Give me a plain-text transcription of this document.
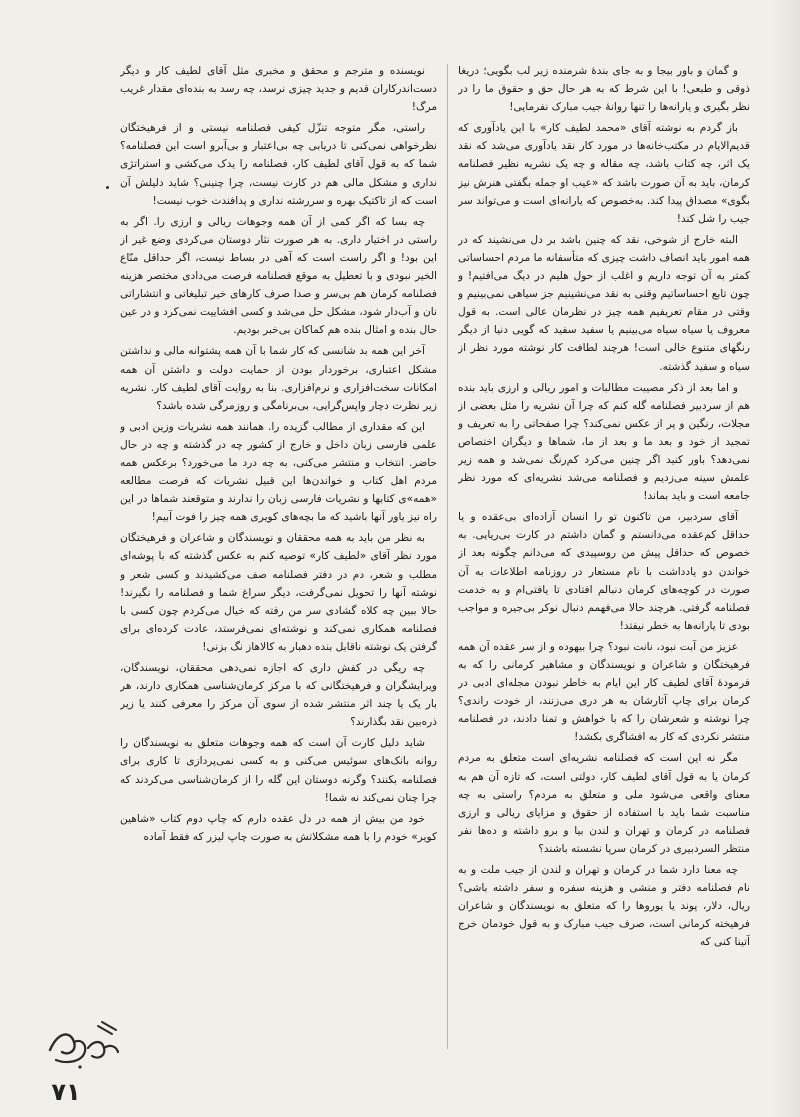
و گمان و باور بیجا و به جای بندهٔ شرمنده زیر لب بگویی؛ دریغا ذوقی و طبعی! با این شرط که به هر حال حق و حقوق ما را در نظر بگیری و یارانه‌ها را تنها روانهٔ جیب مبارک نفرمایی!

باز گردم به نوشته آقای «محمد لطیف کار» با این یادآوری که قدیم‌الایام در مکتب‌خانه‌ها در مورد کار نقد یادآوری می‌شد که نقد یک اثر، چه کتاب باشد، چه مقاله و چه یک نشریه نظیر فصلنامه کرمان، باید به آن صورت باشد که «عیب او جمله بگفتی هنرش نیز بگوی» مصداق پیدا کند. به‌خصوص که یارانه‌ای است و می‌تواند سر جیب را شل کند!

البته خارج از شوخی، نقد که چنین باشد بر دل می‌نشیند که در همه امور باید انصاف داشت چیزی که متأسفانه ما مردم احساساتی کمتر به آن توجه داریم و اغلب از حول هلیم در دیگ می‌افتیم! و چون تابع احساساتیم وقتی به نقد می‌نشینیم جز سیاهی نمی‌بینیم و وقتی در مقام تعریفیم همه چیز در نظرمان عالی است. به قول معروف یا سیاه سیاه می‌بینیم یا سفید سفید که گویی دنیا از دیگر رنگهای متنوع خالی است! هرچند لطافت کار نوشته مورد نظر از سیاه و سفید گذشته.

و اما بعد از ذکر مصیبت مطالبات و امور ریالی و ارزی باید بنده هم از سردبیر فصلنامه گله کنم که چرا آن نشریه را مثل بعضی از مجلات، رنگین و پر از عکس نمی‌کند؟ چرا صفحاتی را به تعریف و تمجید از خود و بعد ما و بعد از ما، شماها و دیگران اختصاص نمی‌دهد؟ باور کنید اگر چنین می‌کرد کم‌رنگ نمی‌شد و همه زیر علمش سینه می‌زدیم و فصلنامه می‌شد نشریه‌ای که مورد نظر جامعه است و باید بماند!

آقای سردبیر، من تاکنون تو را انسان آزاده‌ای بی‌عقده و یا حداقل کم‌عقده می‌دانستم و گمان داشتم در کارت بی‌ریایی. به خصوص که حداقل پیش من روسپیدی که می‌دانم چگونه بعد از خواندن دو یادداشت با نام مستعار در روزنامه اطلاعات به آن صورت در کوچه‌های کرمان دنبالم افتادی تا یافتی‌ام و به خدمت فصلنامه گرفتی. هرچند حالا می‌فهمم دنبال نوکر بی‌جیره و مواجب بودی تا یارانه‌ها به خطر نیفتد!

عزیز من آبت نبود، نانت نبود؟ چرا بیهوده و از سر عقده آن همه فرهیختگان و شاعران و نویسندگان و مشاهیر کرمانی را که به فرمودهٔ آقای لطیف کار این ایام به خاطر نبودن مجله‌ای ادبی در کرمان برای چاپ آثارشان به هر دری می‌زنند، از خودت راندی؟ چرا نوشته و شعرشان را که با خواهش و تمنا دادند، در فصلنامه منتشر نکردی که کار به افشاگری بکشد!

مگر نه این است که فصلنامه نشریه‌ای است متعلق به مردم کرمان یا به قول آقای لطیف کار، دولتی است، که تازه آن هم به معنای واقعی می‌شود ملی و متعلق به مردم؟ راستی به چه مناسبت شما باید با استفاده از حقوق و مزایای ریالی و ارزی فصلنامه در کرمان و تهران و لندن بیا و برو داشته و ده‌ها نفر منتظر السردبیری در کرمان سرپا نشسته باشند؟

چه معنا دارد شما در کرمان و تهران و لندن از جیب ملت و به نام فصلنامه دفتر و منشی و هزینه سفره و سفر داشته باشی؟ ریال، دلار، پوند یا یورو‌ها را که متعلق به نویسندگان و شاعران فرهیخته کرمانی است، صرف جیب مبارک و به قول خودمان خرج آتینا کنی که

نویسنده و مترجم و محقق و مخبری مثل آقای لطیف کار و دیگر دست‌اندرکاران قدیم و جدید چیزی نرسد، چه رسد به بنده‌ای مقدار غریب مرگ!

راستی، مگر متوجه تنزّل کیفی فصلنامه نیستی و از فرهیختگان نظرخواهی نمی‌کنی تا دریابی چه بی‌اعتبار و بی‌آبرو است این فصلنامه؟ شما که به قول آقای لطیف کار، فصلنامه را یدک می‌کشی و استراتژی نداری و مشکل مالی هم در کارت نیست، چرا چنینی؟ شاید دلیلش آن است که از تاکتیک بهره و سررشته نداری و پدافندت خوب نیست!

چه بسا که اگر کمی از آن همه وجوهات ریالی و ارزی را. اگر به راستی در اختیار داری. به هر صورت نثار دوستان می‌کردی وضع غیر از این بود! و اگر راست است که آهی در بساط نیست، اگر حداقل منّاع الخیر نبودی و با تعطیل به موقع فصلنامه فرصت می‌دادی مختصر هزینه فصلنامه کرمان هم بی‌سر و صدا صرف کارهای خیر تبلیغاتی و انتشاراتی نان و آب‌دار شود، مشکل حل می‌شد و کسی افشاییت نمی‌کرد و در عین حال بنده و امثال بنده هم کماکان بی‌خبر بودیم.

آخر این همه بد شانسی که کار شما با آن همه پشتوانه مالی و نداشتن مشکل اعتباری، برخوردار بودن از حمایت دولت و داشتن آن همه امکانات سخت‌افزاری و نرم‌افزاری. بنا به روایت آقای لطیف کار. نشریه زیر نظرت دچار واپس‌گرایی، بی‌برنامگی و روزمرگی شده باشد؟

این که مقداری از مطالب گزیده را. همانند همه نشریات وزین ادبی و علمی فارسی زبان داخل و خارج از کشور چه در گذشته و چه در حال حاضر. انتخاب و منتشر می‌کنی، به چه درد ما می‌خورد؟ برعکس همه مردم اهل کتاب و خواندن‌ها این قبیل نشریات که فرصت مطالعه «همه»ی کتابها و نشریات فارسی زبان را ندارند و متوقعند شماها در این راه نیز یاور آنها باشید که ما بچه‌های کویری همه چیز را فوت آبیم!

به نظر من باید به همه محققان و نویسندگان و شاعران و فرهیختگان مورد نظر آقای «لطیف کار» توصیه کنم به عکس گذشته که با پوشه‌ای مطلب و شعر، دم در دفتر فصلنامه صف می‌کشیدند و کسی شعر و نوشته آنها را تحویل نمی‌گرفت، دیگر سراغ شما و فصلنامه را نگیرند! حالا ببین چه کلاه گشادی سر من رفته که خیال می‌کردم چون کسی با فصلنامه همکاری نمی‌کند و نوشته‌ای نمی‌فرستد، عادت کرده‌ای برای گرفتن یک نوشته ناقابل بنده دهبار به کالاهاز نگ بزنی!

چه ریگی در کفش داری که اجازه نمی‌دهی محققان، نویسندگان، ویرایشگران و فرهیختگانی که با مرکز کرمان‌شناسی همکاری دارند، هر بار یک یا چند اثر منتشر شده از سوی آن مرکز را معرفی کنند یا زیر ذره‌بین نقد بگذارند؟

شاید دلیل کارت آن است که همه وجوهات متعلق به نویسندگان را روانه بانک‌های سوئیس می‌کنی و به کسی نمی‌پردازی تا کاری برای فصلنامه بکنند؟ وگرنه دوستان این گله را از کرمان‌شناسی می‌کردند که چرا چنان نمی‌کند نه شما!

خود من بیش از همه در دل عقده دارم که چاپ دوم کتاب «شاهین کویر» خودم را با همه مشکلاتش به صورت چاپ لیزر که فقط آماده

۷۱
